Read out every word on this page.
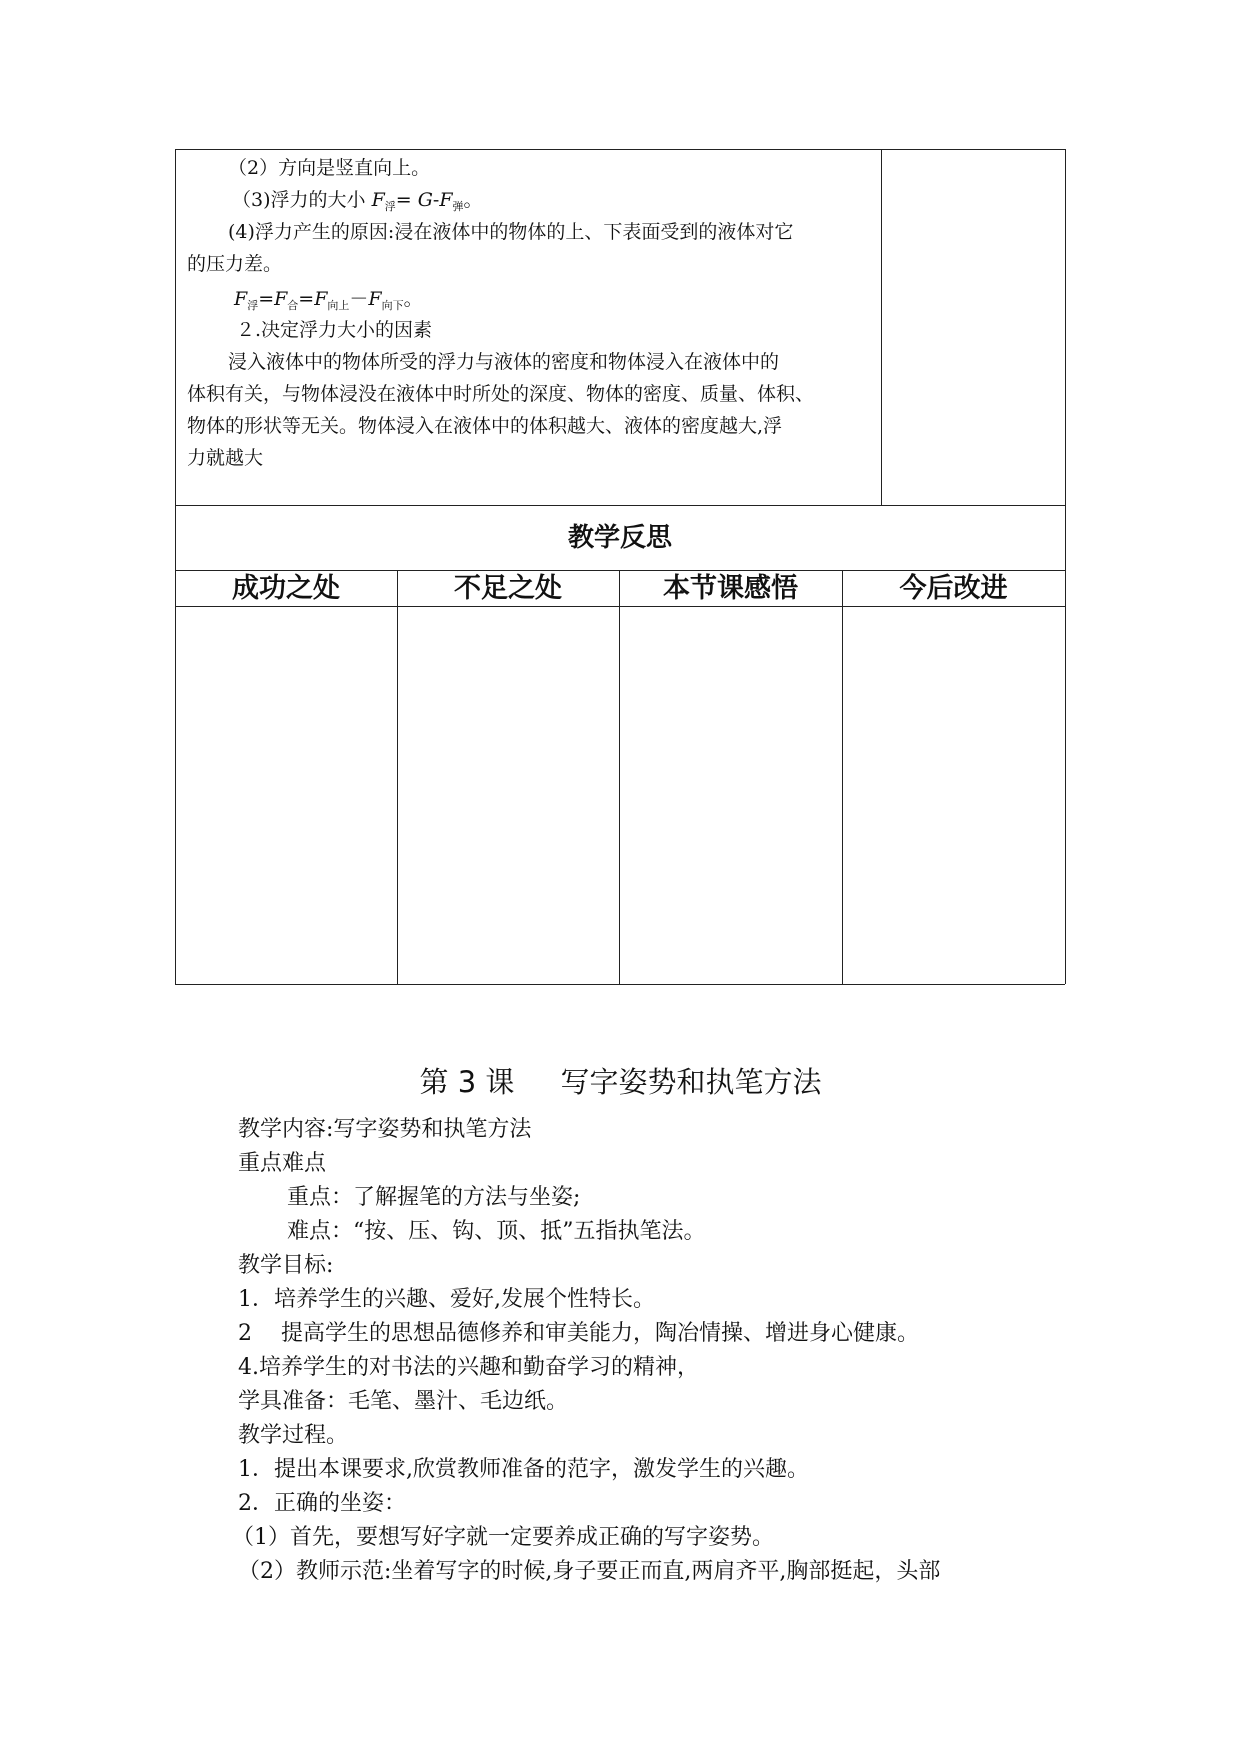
（2）方向是竖直向上。
（3)浮力的大小 $F_浮= G-F_弹$。
(4)浮力产生的原因:浸在液体中的物体的上、下表面受到的液体对它
的压力差。
$F_浮=F_合=F_{向上}-F_{向下}$。
２.决定浮力大小的因素
浸入液体中的物体所受的浮力与液体的密度和物体浸入在液体中的
体积有关，与物体浸没在液体中时所处的深度、物体的密度、质量、体积、
物体的形状等无关。物体浸入在液体中的体积越大、液体的密度越大,浮
力就越大
教学反思
成功之处	不足之处	本节课感悟	今后改进
第 3 课 写字姿势和执笔方法
教学内容:写字姿势和执笔方法
重点难点
重点：了解握笔的方法与坐姿;
难点：“按、压、钩、顶、抵”五指执笔法。
教学目标:
1．培养学生的兴趣、爱好,发展个性特长。
2　 提高学生的思想品德修养和审美能力，陶冶情操、增进身心健康。
4.培养学生的对书法的兴趣和勤奋学习的精神，
学具准备：毛笔、墨汁、毛边纸。
教学过程。
1．提出本课要求,欣赏教师准备的范字，激发学生的兴趣。
2．正确的坐姿：
（1）首先，要想写好字就一定要养成正确的写字姿势。
（2）教师示范:坐着写字的时候,身子要正而直,两肩齐平,胸部挺起，头部
